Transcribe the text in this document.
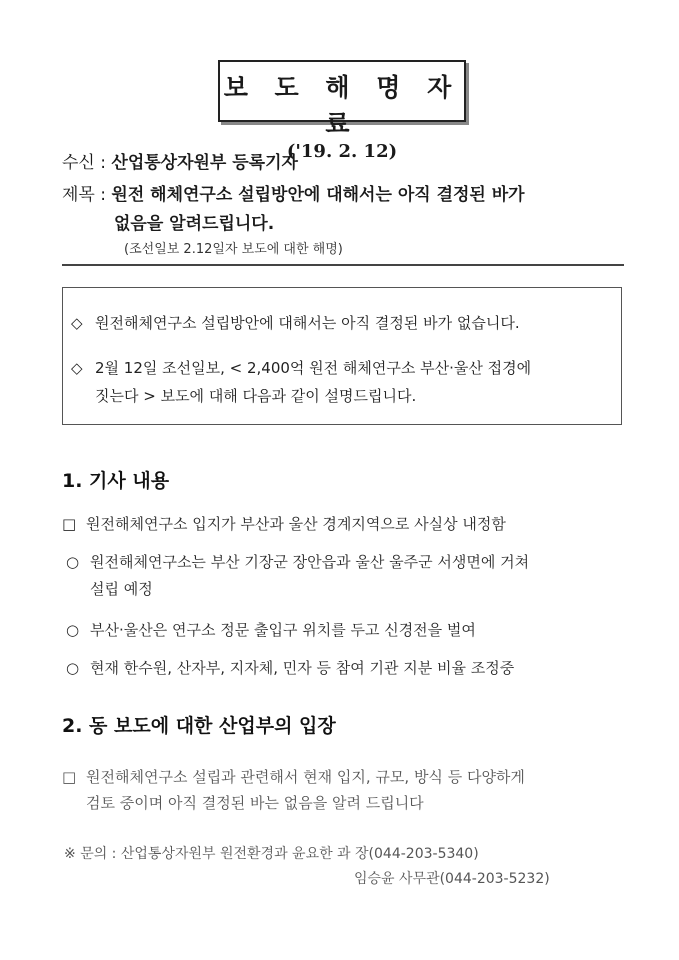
보 도 해 명 자 료
('19. 2. 12)
수신 : 산업통상자원부 등록기자
제목 : 원전 해체연구소 설립방안에 대해서는 아직 결정된 바가
없음을 알려드립니다.
(조선일보 2.12일자 보도에 대한 해명)
◇ 원전해체연구소 설립방안에 대해서는 아직 결정된 바가 없습니다.
◇ 2월 12일 조선일보, < 2,400억 원전 해체연구소 부산·울산 접경에
짓는다 > 보도에 대해 다음과 같이 설명드립니다.
1. 기사 내용
□ 원전해체연구소 입지가 부산과 울산 경계지역으로 사실상 내정함
○ 원전해체연구소는 부산 기장군 장안읍과 울산 울주군 서생면에 거쳐
설립 예정
○ 부산·울산은 연구소 정문 출입구 위치를 두고 신경전을 벌여
○ 현재 한수원, 산자부, 지자체, 민자 등 참여 기관 지분 비율 조정중
2. 동 보도에 대한 산업부의 입장
□ 원전해체연구소 설립과 관련해서 현재 입지, 규모, 방식 등 다양하게
검토 중이며 아직 결정된 바는 없음을 알려 드립니다
※ 문의 : 산업통상자원부 원전환경과 윤요한 과 장(044-203-5340)
임승윤 사무관(044-203-5232)
